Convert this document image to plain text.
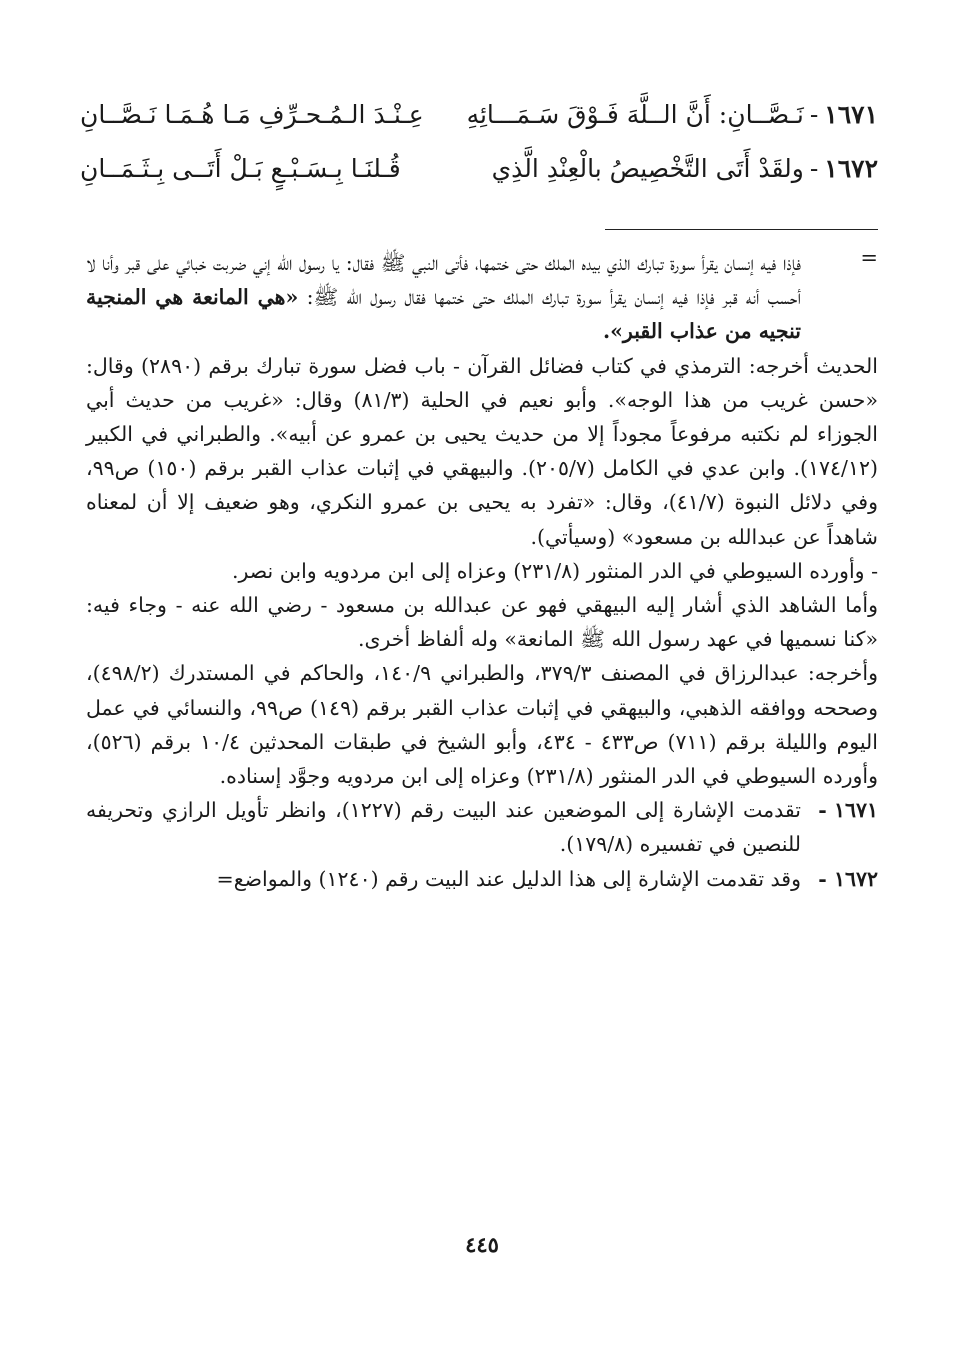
١٦٧١
-
نَـصَّــانِ: أَنَّ الــلَّهَ فَـوْقَ سَـمَـــائِهِ
عِـنْـدَ الـمُـحـرِّفِ مَـا هُـمَـا نَـصَّــانِ
١٦٧٢
-
ولقَدْ أَتَى التَّخْصِيصُ بالْعِنْدِ الَّذِي
قُـلنَـا بِـسَـبْـعٍ بَـلْ أَتَــى بِـثَـمَــانِ
=

فإذا فيه إنسان يقرأ سورة تبارك الذي بيده الملك حتى ختمها، فأتى النبي ﷺ فقال: يا رسول الله إني ضربت خبائي على قبر وأنا لا أحسب أنه قبر فإذا فيه إنسان يقرأ سورة تبارك الملك حتى ختمها فقال رسول الله ﷺ: «هي المانعة هي المنجية تنجيه من عذاب القبر».

الحديث أخرجه: الترمذي في كتاب فضائل القرآن - باب فضل سورة تبارك برقم (٢٨٩٠) وقال: «حسن غريب من هذا الوجه». وأبو نعيم في الحلية (٨١/٣) وقال: «غريب من حديث أبي الجوزاء لم نكتبه مرفوعاً مجوداً إلا من حديث يحيى بن عمرو عن أبيه». والطبراني في الكبير (١٧٤/١٢). وابن عدي في الكامل (٢٠٥/٧). والبيهقي في إثبات عذاب القبر برقم (١٥٠) ص٩٩، وفي دلائل النبوة (٤١/٧)، وقال: «تفرد به يحيى بن عمرو النكري، وهو ضعيف إلا أن لمعناه شاهداً عن عبدالله بن مسعود» (وسيأتي).

- وأورده السيوطي في الدر المنثور (٢٣١/٨) وعزاه إلى ابن مردويه وابن نصر.

وأما الشاهد الذي أشار إليه البيهقي فهو عن عبدالله بن مسعود - رضي الله عنه - وجاء فيه: «كنا نسميها في عهد رسول الله ﷺ المانعة» وله ألفاظ أخرى.

وأخرجه: عبدالرزاق في المصنف ٣٧٩/٣، والطبراني ١٤٠/٩، والحاكم في المستدرك (٤٩٨/٢)، وصححه ووافقه الذهبي، والبيهقي في إثبات عذاب القبر برقم (١٤٩) ص٩٩، والنسائي في عمل اليوم والليلة برقم (٧١١) ص٤٣٣ - ٤٣٤، وأبو الشيخ في طبقات المحدثين ١٠/٤ برقم (٥٢٦)، وأورده السيوطي في الدر المنثور (٢٣١/٨) وعزاه إلى ابن مردويه وجوَّد إسناده.

١٦٧١ -
تقدمت الإشارة إلى الموضعين عند البيت رقم (١٢٢٧)، وانظر تأويل الرازي وتحريفه للنصين في تفسيره (١٧٩/٨).
١٦٧٢ -
وقد تقدمت الإشارة إلى هذا الدليل عند البيت رقم (١٢٤٠) والمواضع=
٤٤٥
